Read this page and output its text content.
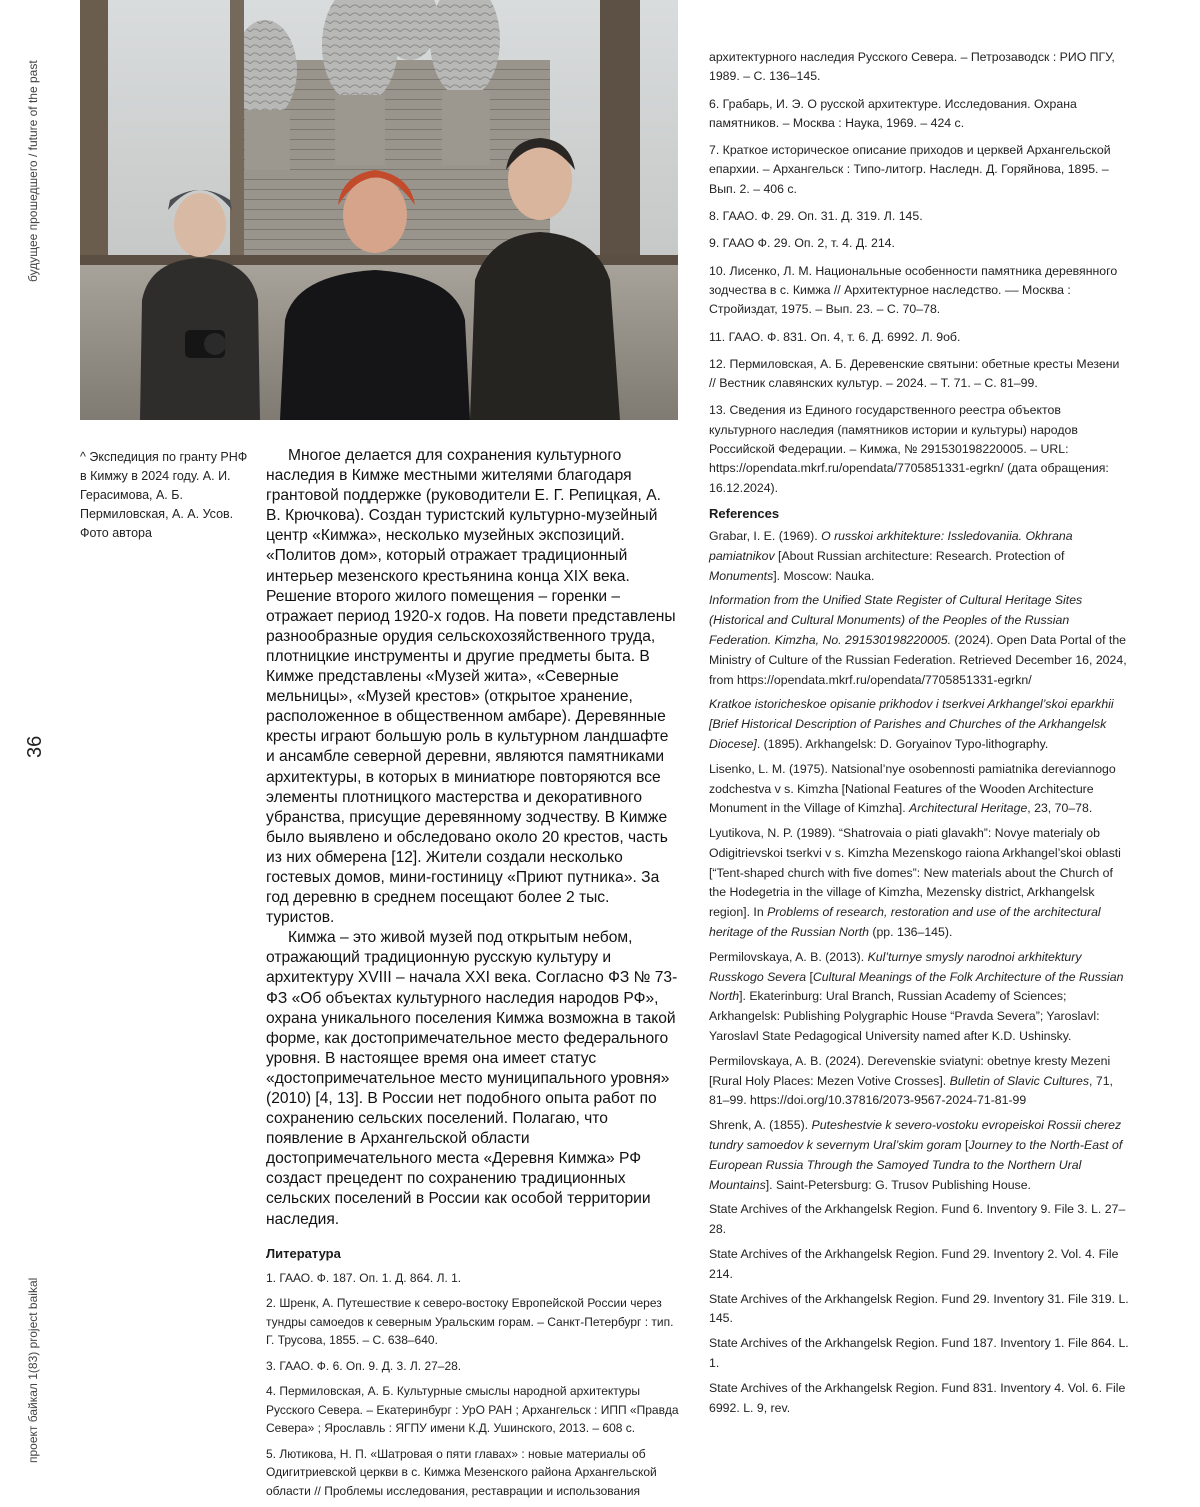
будущее прошедшего / future of the past
36
проект байкал 1(83) project baikal
^ Экспедиция по гранту РНФ в Кимжу в 2024 году. А. И. Герасимова, А. Б. Пермиловская, А. А. Усов. Фото автора

Многое делается для сохранения культурного наследия в Кимже местными жителями благодаря грантовой поддержке (руководители Е. Г. Репицкая, А. В. Крючкова). Создан туристский культурно-музейный центр «Кимжа», несколько музейных экспозиций. «Политов дом», который отражает традиционный интерьер мезенского крестьянина конца XIX века. Решение второго жилого помещения – горенки – отражает период 1920-х годов. На повети представлены разнообразные орудия сельскохозяйственного труда, плотницкие инструменты и другие предметы быта. В Кимже представлены «Музей жита», «Северные мельницы», «Музей крестов» (открытое хранение, расположенное в общественном амбаре). Деревянные кресты играют большую роль в культурном ландшафте и ансамбле северной деревни, являются памятниками архитектуры, в которых в миниатюре повторяются все элементы плотницкого мастерства и декоративного убранства, присущие деревянному зодчеству. В Кимже было выявлено и обследовано около 20 крестов, часть из них обмерена [12]. Жители создали несколько гостевых домов, мини-гостиницу «Приют путника». За год деревню в среднем посещают более 2 тыс. туристов.

Кимжа – это живой музей под открытым небом, отражающий традиционную русскую культуру и архитектуру XVIII – начала XXI века. Согласно ФЗ № 73-ФЗ «Об объектах культурного наследия народов РФ», охрана уникального поселения Кимжа возможна в такой форме, как достопримечательное место федерального уровня. В настоящее время она имеет статус «достопримечательное место муниципального уровня» (2010) [4, 13]. В России нет подобного опыта работ по сохранению сельских поселений. Полагаю, что появление в Архангельской области достопримечательного места «Деревня Кимжа» РФ создаст прецедент по сохранению традиционных сельских поселений в России как особой территории наследия.

Литература
1. ГААО. Ф. 187. Оп. 1. Д. 864. Л. 1.
2. Шренк, А. Путешествие к северо-востоку Европейской России через тундры самоедов к северным Уральским горам. – Санкт-Петербург : тип. Г. Трусова, 1855. – С. 638–640.
3. ГААО. Ф. 6. Оп. 9. Д. 3. Л. 27–28.
4. Пермиловская, А. Б. Культурные смыслы народной архитектуры Русского Севера. – Екатеринбург : УрО РАН ; Архангельск : ИПП «Правда Севера» ; Ярославль : ЯГПУ имени К.Д. Ушинского, 2013. – 608 с.
5. Лютикова, Н. П. «Шатровая о пяти главах» : новые материалы об Одигитриевской церкви в с. Кимжа Мезенского района Архангельской области // Проблемы исследования, реставрации и использования
архитектурного наследия Русского Севера. – Петрозаводск : РИО ПГУ, 1989. – С. 136–145.
6. Грабарь, И. Э. О русской архитектуре. Исследования. Охрана памятников. – Москва : Наука, 1969. – 424 с.
7. Краткое историческое описание приходов и церквей Архангельской епархии. – Архангельск : Типо-литогр. Наследн. Д. Горяйнова, 1895. – Вып. 2. – 406 с.
8. ГААО. Ф. 29. Оп. 31. Д. 319. Л. 145.
9. ГААО Ф. 29. Оп. 2, т. 4. Д. 214.
10. Лисенко, Л. М. Национальные особенности памятника деревянного зодчества в с. Кимжа // Архитектурное наследство. –– Москва : Стройиздат, 1975. – Вып. 23. – С. 70–78.
11. ГААО. Ф. 831. Оп. 4, т. 6. Д. 6992. Л. 9об.
12. Пермиловская, А. Б. Деревенские святыни: обетные кресты Мезени // Вестник славянских культур. – 2024. – Т. 71. – С. 81–99.
13. Сведения из Единого государственного реестра объектов культурного наследия (памятников истории и культуры) народов Российской Федерации. – Кимжа, № 291530198220005. – URL: https://opendata.mkrf.ru/opendata/7705851331-egrkn/ (дата обращения: 16.12.2024).
References
Grabar, I. E. (1969). O russkoi arkhitekture: Issledovaniia. Okhrana pamiatnikov [About Russian architecture: Research. Protection of Monuments]. Moscow: Nauka.
Information from the Unified State Register of Cultural Heritage Sites (Historical and Cultural Monuments) of the Peoples of the Russian Federation. Kimzha, No. 291530198220005. (2024). Open Data Portal of the Ministry of Culture of the Russian Federation. Retrieved December 16, 2024, from https://opendata.mkrf.ru/opendata/7705851331-egrkn/
Kratkoe istoricheskoe opisanie prikhodov i tserkvei Arkhangel’skoi eparkhii [Brief Historical Description of Parishes and Churches of the Arkhangelsk Diocese]. (1895). Arkhangelsk: D. Goryainov Typo-lithography.
Lisenko, L. M. (1975). Natsional’nye osobennosti pamiatnika dereviannogo zodchestva v s. Kimzha [National Features of the Wooden Architecture Monument in the Village of Kimzha]. Architectural Heritage, 23, 70–78.
Lyutikova, N. P. (1989). “Shatrovaia o piati glavakh”: Novye materialy ob Odigitrievskoi tserkvi v s. Kimzha Mezenskogo raiona Arkhangel’skoi oblasti [“Tent-shaped church with five domes”: New materials about the Church of the Hodegetria in the village of Kimzha, Mezensky district, Arkhangelsk region]. In Problems of research, restoration and use of the architectural heritage of the Russian North (pp. 136–145).
Permilovskaya, A. B. (2013). Kul’turnye smysly narodnoi arkhitektury Russkogo Severa [Cultural Meanings of the Folk Architecture of the Russian North]. Ekaterinburg: Ural Branch, Russian Academy of Sciences; Arkhangelsk: Publishing Polygraphic House “Pravda Severa”; Yaroslavl: Yaroslavl State Pedagogical University named after K.D. Ushinsky.
Permilovskaya, A. B. (2024). Derevenskie sviatyni: obetnye kresty Mezeni [Rural Holy Places: Mezen Votive Crosses]. Bulletin of Slavic Cultures, 71, 81–99. https://doi.org/10.37816/2073-9567-2024-71-81-99
Shrenk, A. (1855). Puteshestvie k severo-vostoku evropeiskoi Rossii cherez tundry samoedov k severnym Ural’skim goram [Journey to the North-East of European Russia Through the Samoyed Tundra to the Northern Ural Mountains]. Saint-Petersburg: G. Trusov Publishing House.
State Archives of the Arkhangelsk Region. Fund 6. Inventory 9. File 3. L. 27–28.
State Archives of the Arkhangelsk Region. Fund 29. Inventory 2. Vol. 4. File 214.
State Archives of the Arkhangelsk Region. Fund 29. Inventory 31. File 319. L. 145.
State Archives of the Arkhangelsk Region. Fund 187. Inventory 1. File 864. L. 1.
State Archives of the Arkhangelsk Region. Fund 831. Inventory 4. Vol. 6. File 6992. L. 9, rev.
